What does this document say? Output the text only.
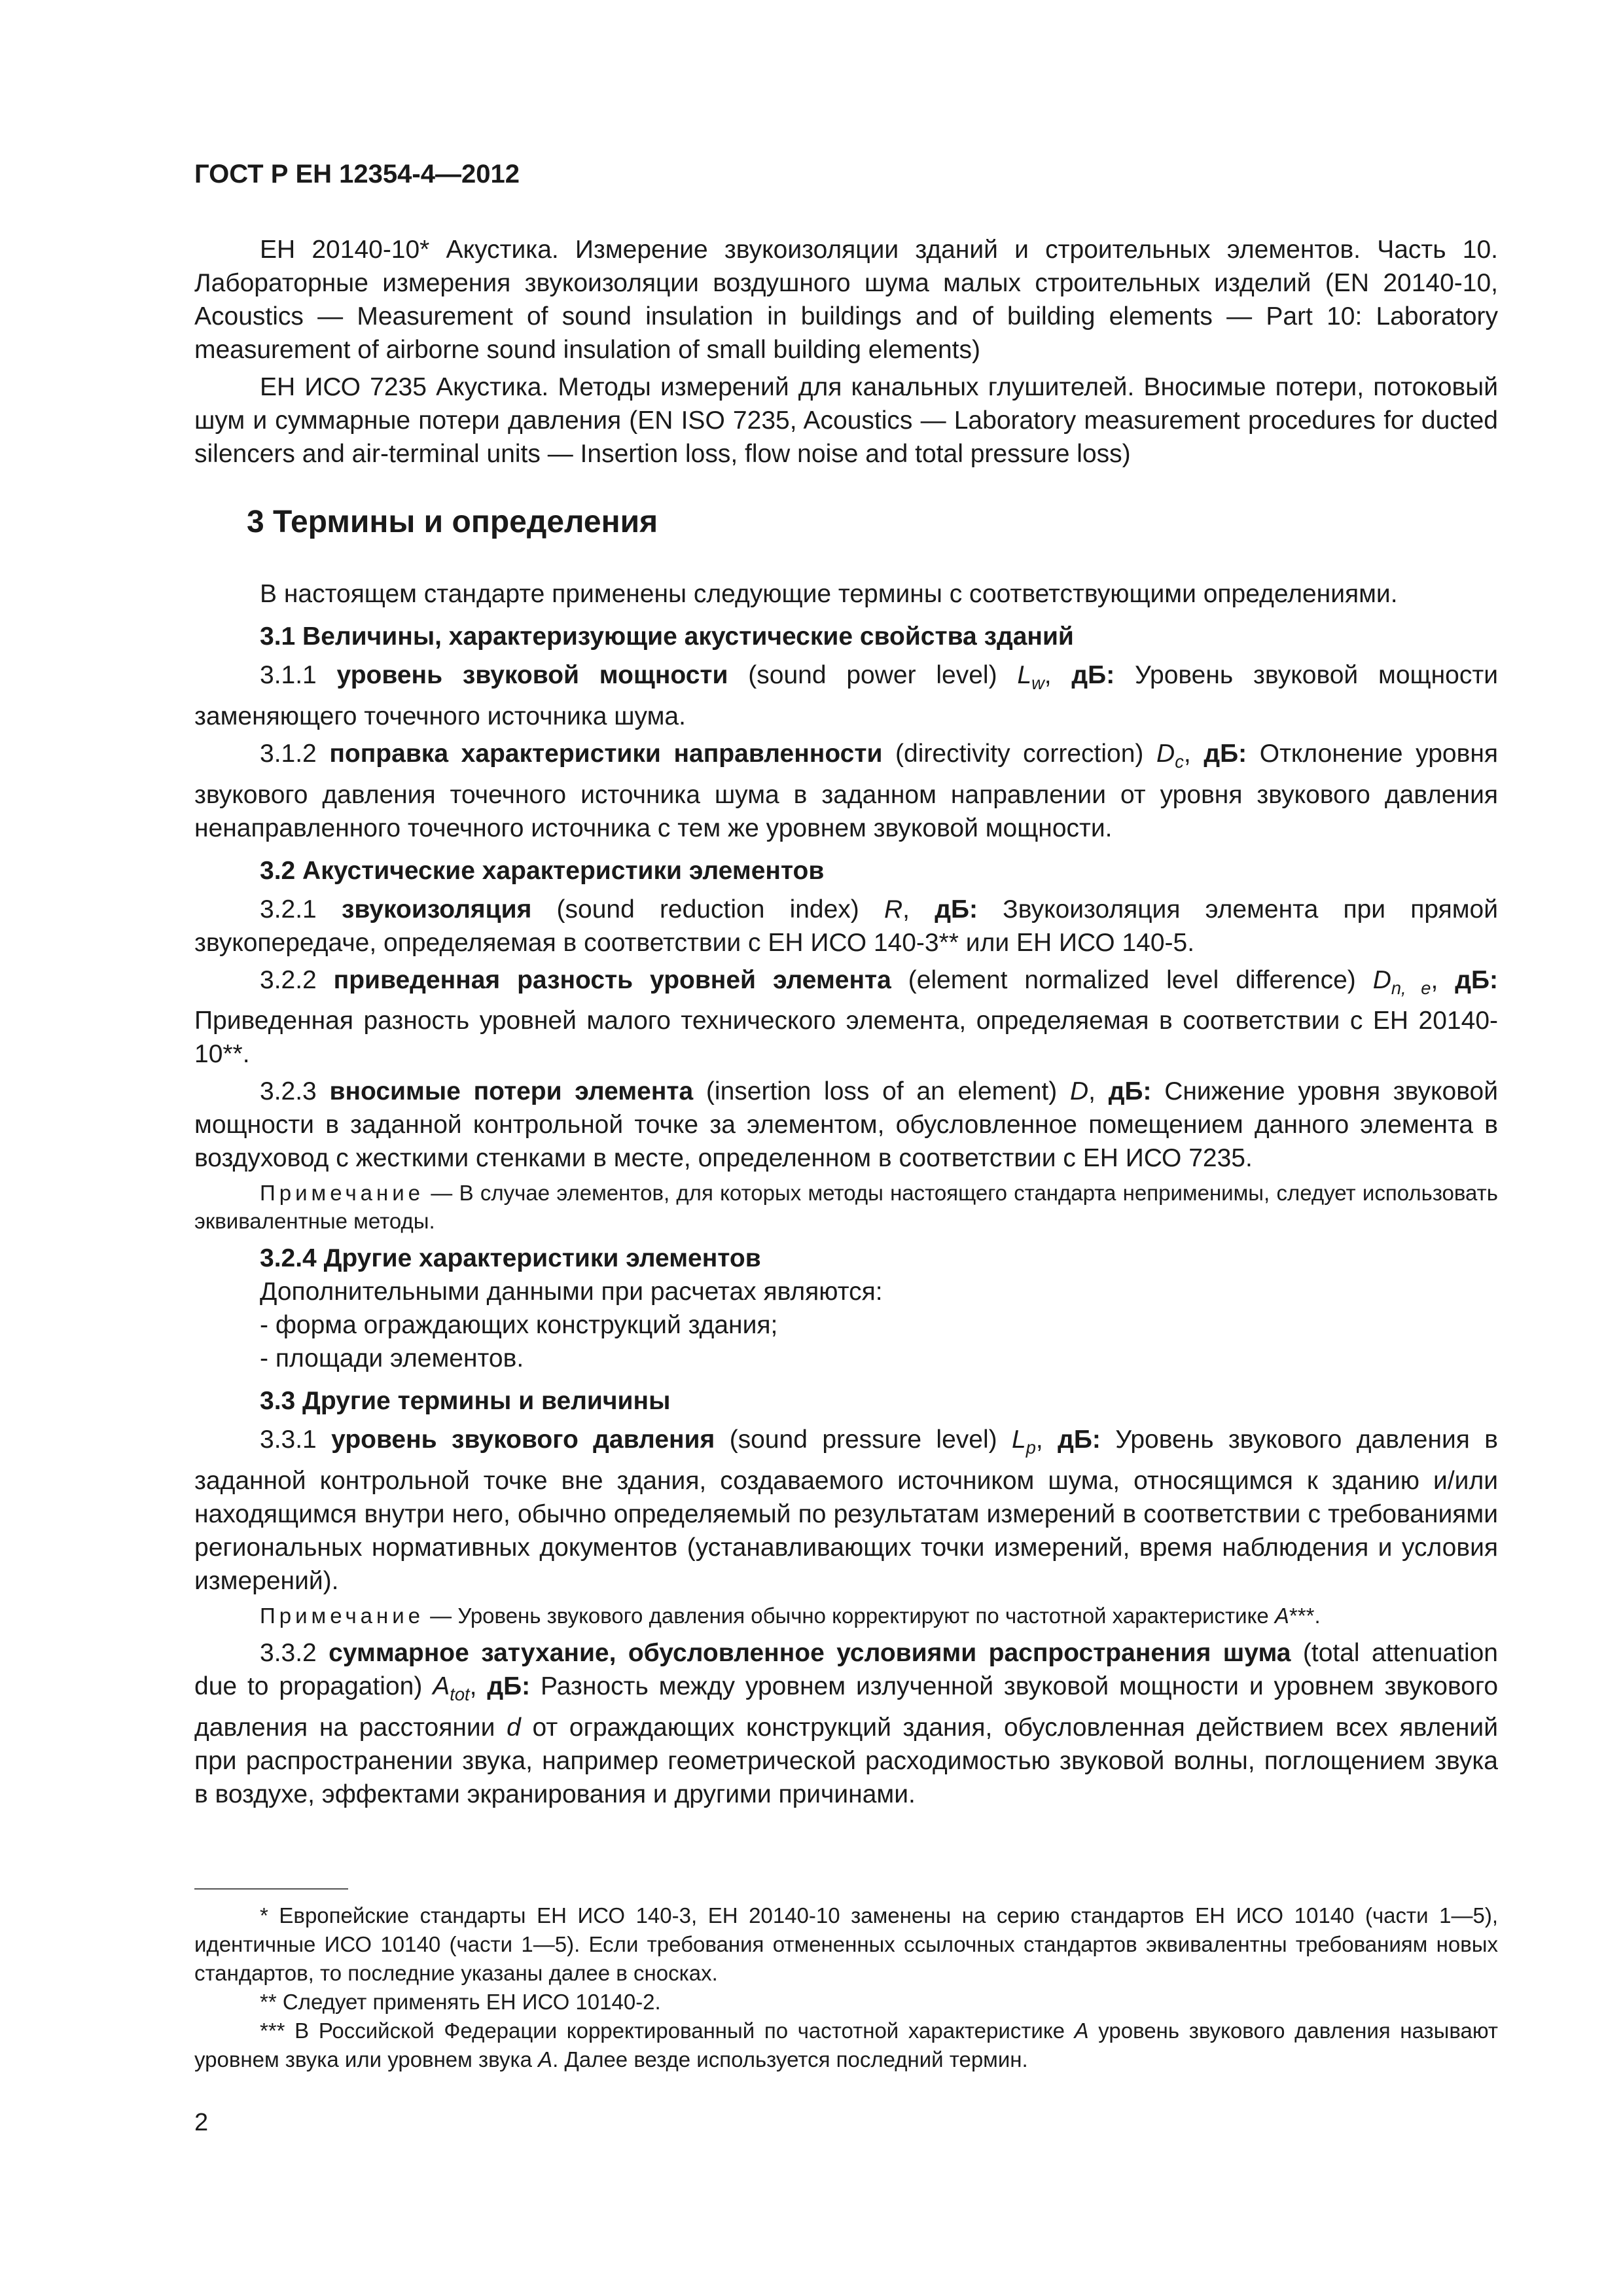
ГОСТ Р ЕН 12354-4—2012

ЕН 20140-10* Акустика. Измерение звукоизоляции зданий и строительных элементов. Часть 10. Лабораторные измерения звукоизоляции воздушного шума малых строительных изделий (EN 20140-10, Acoustics — Measurement of sound insulation in buildings and of building elements — Part 10: Laboratory measurement of airborne sound insulation of small building elements)

ЕН ИСО 7235 Акустика. Методы измерений для канальных глушителей. Вносимые потери, потоковый шум и суммарные потери давления (EN ISO 7235, Acoustics — Laboratory measurement procedures for ducted silencers and air-terminal units — Insertion loss, flow noise and total pressure loss)

3 Термины и определения

В настоящем стандарте применены следующие термины с соответствующими определениями.

3.1 Величины, характеризующие акустические свойства зданий

3.1.1 уровень звуковой мощности (sound power level) $L_w$, дБ: Уровень звуковой мощности заменяющего точечного источника шума.

3.1.2 поправка характеристики направленности (directivity correction) $D_c$, дБ: Отклонение уровня звукового давления точечного источника шума в заданном направлении от уровня звукового давления ненаправленного точечного источника с тем же уровнем звуковой мощности.

3.2 Акустические характеристики элементов

3.2.1 звукоизоляция (sound reduction index) R, дБ: Звукоизоляция элемента при прямой звукопередаче, определяемая в соответствии с ЕН ИСО 140-3** или ЕН ИСО 140-5.

3.2.2 приведенная разность уровней элемента (element normalized level difference) $D_{n, e}$, дБ: Приведенная разность уровней малого технического элемента, определяемая в соответствии с ЕН 20140-10**.

3.2.3 вносимые потери элемента (insertion loss of an element) D, дБ: Снижение уровня звуковой мощности в заданной контрольной точке за элементом, обусловленное помещением данного элемента в воздуховод с жесткими стенками в месте, определенном в соответствии с ЕН ИСО 7235.

Примечание — В случае элементов, для которых методы настоящего стандарта неприменимы, следует использовать эквивалентные методы.

3.2.4 Другие характеристики элементов

Дополнительными данными при расчетах являются:

- форма ограждающих конструкций здания;

- площади элементов.

3.3 Другие термины и величины

3.3.1 уровень звукового давления (sound pressure level) $L_p$, дБ: Уровень звукового давления в заданной контрольной точке вне здания, создаваемого источником шума, относящимся к зданию и/или находящимся внутри него, обычно определяемый по результатам измерений в соответствии с требованиями региональных нормативных документов (устанавливающих точки измерений, время наблюдения и условия измерений).

Примечание — Уровень звукового давления обычно корректируют по частотной характеристике A***.

3.3.2 суммарное затухание, обусловленное условиями распространения шума (total attenuation due to propagation) $A_{tot}$, дБ: Разность между уровнем излученной звуковой мощности и уровнем звукового давления на расстоянии d от ограждающих конструкций здания, обусловленная действием всех явлений при распространении звука, например геометрической расходимостью звуковой волны, поглощением звука в воздухе, эффектами экранирования и другими причинами.

* Европейские стандарты ЕН ИСО 140-3, ЕН 20140-10 заменены на серию стандартов ЕН ИСО 10140 (части 1—5), идентичные ИСО 10140 (части 1—5). Если требования отмененных ссылочных стандартов эквивалентны требованиям новых стандартов, то последние указаны далее в сносках.

** Следует применять ЕН ИСО 10140-2.

*** В Российской Федерации корректированный по частотной характеристике A уровень звукового давления называют уровнем звука или уровнем звука A. Далее везде используется последний термин.

2
